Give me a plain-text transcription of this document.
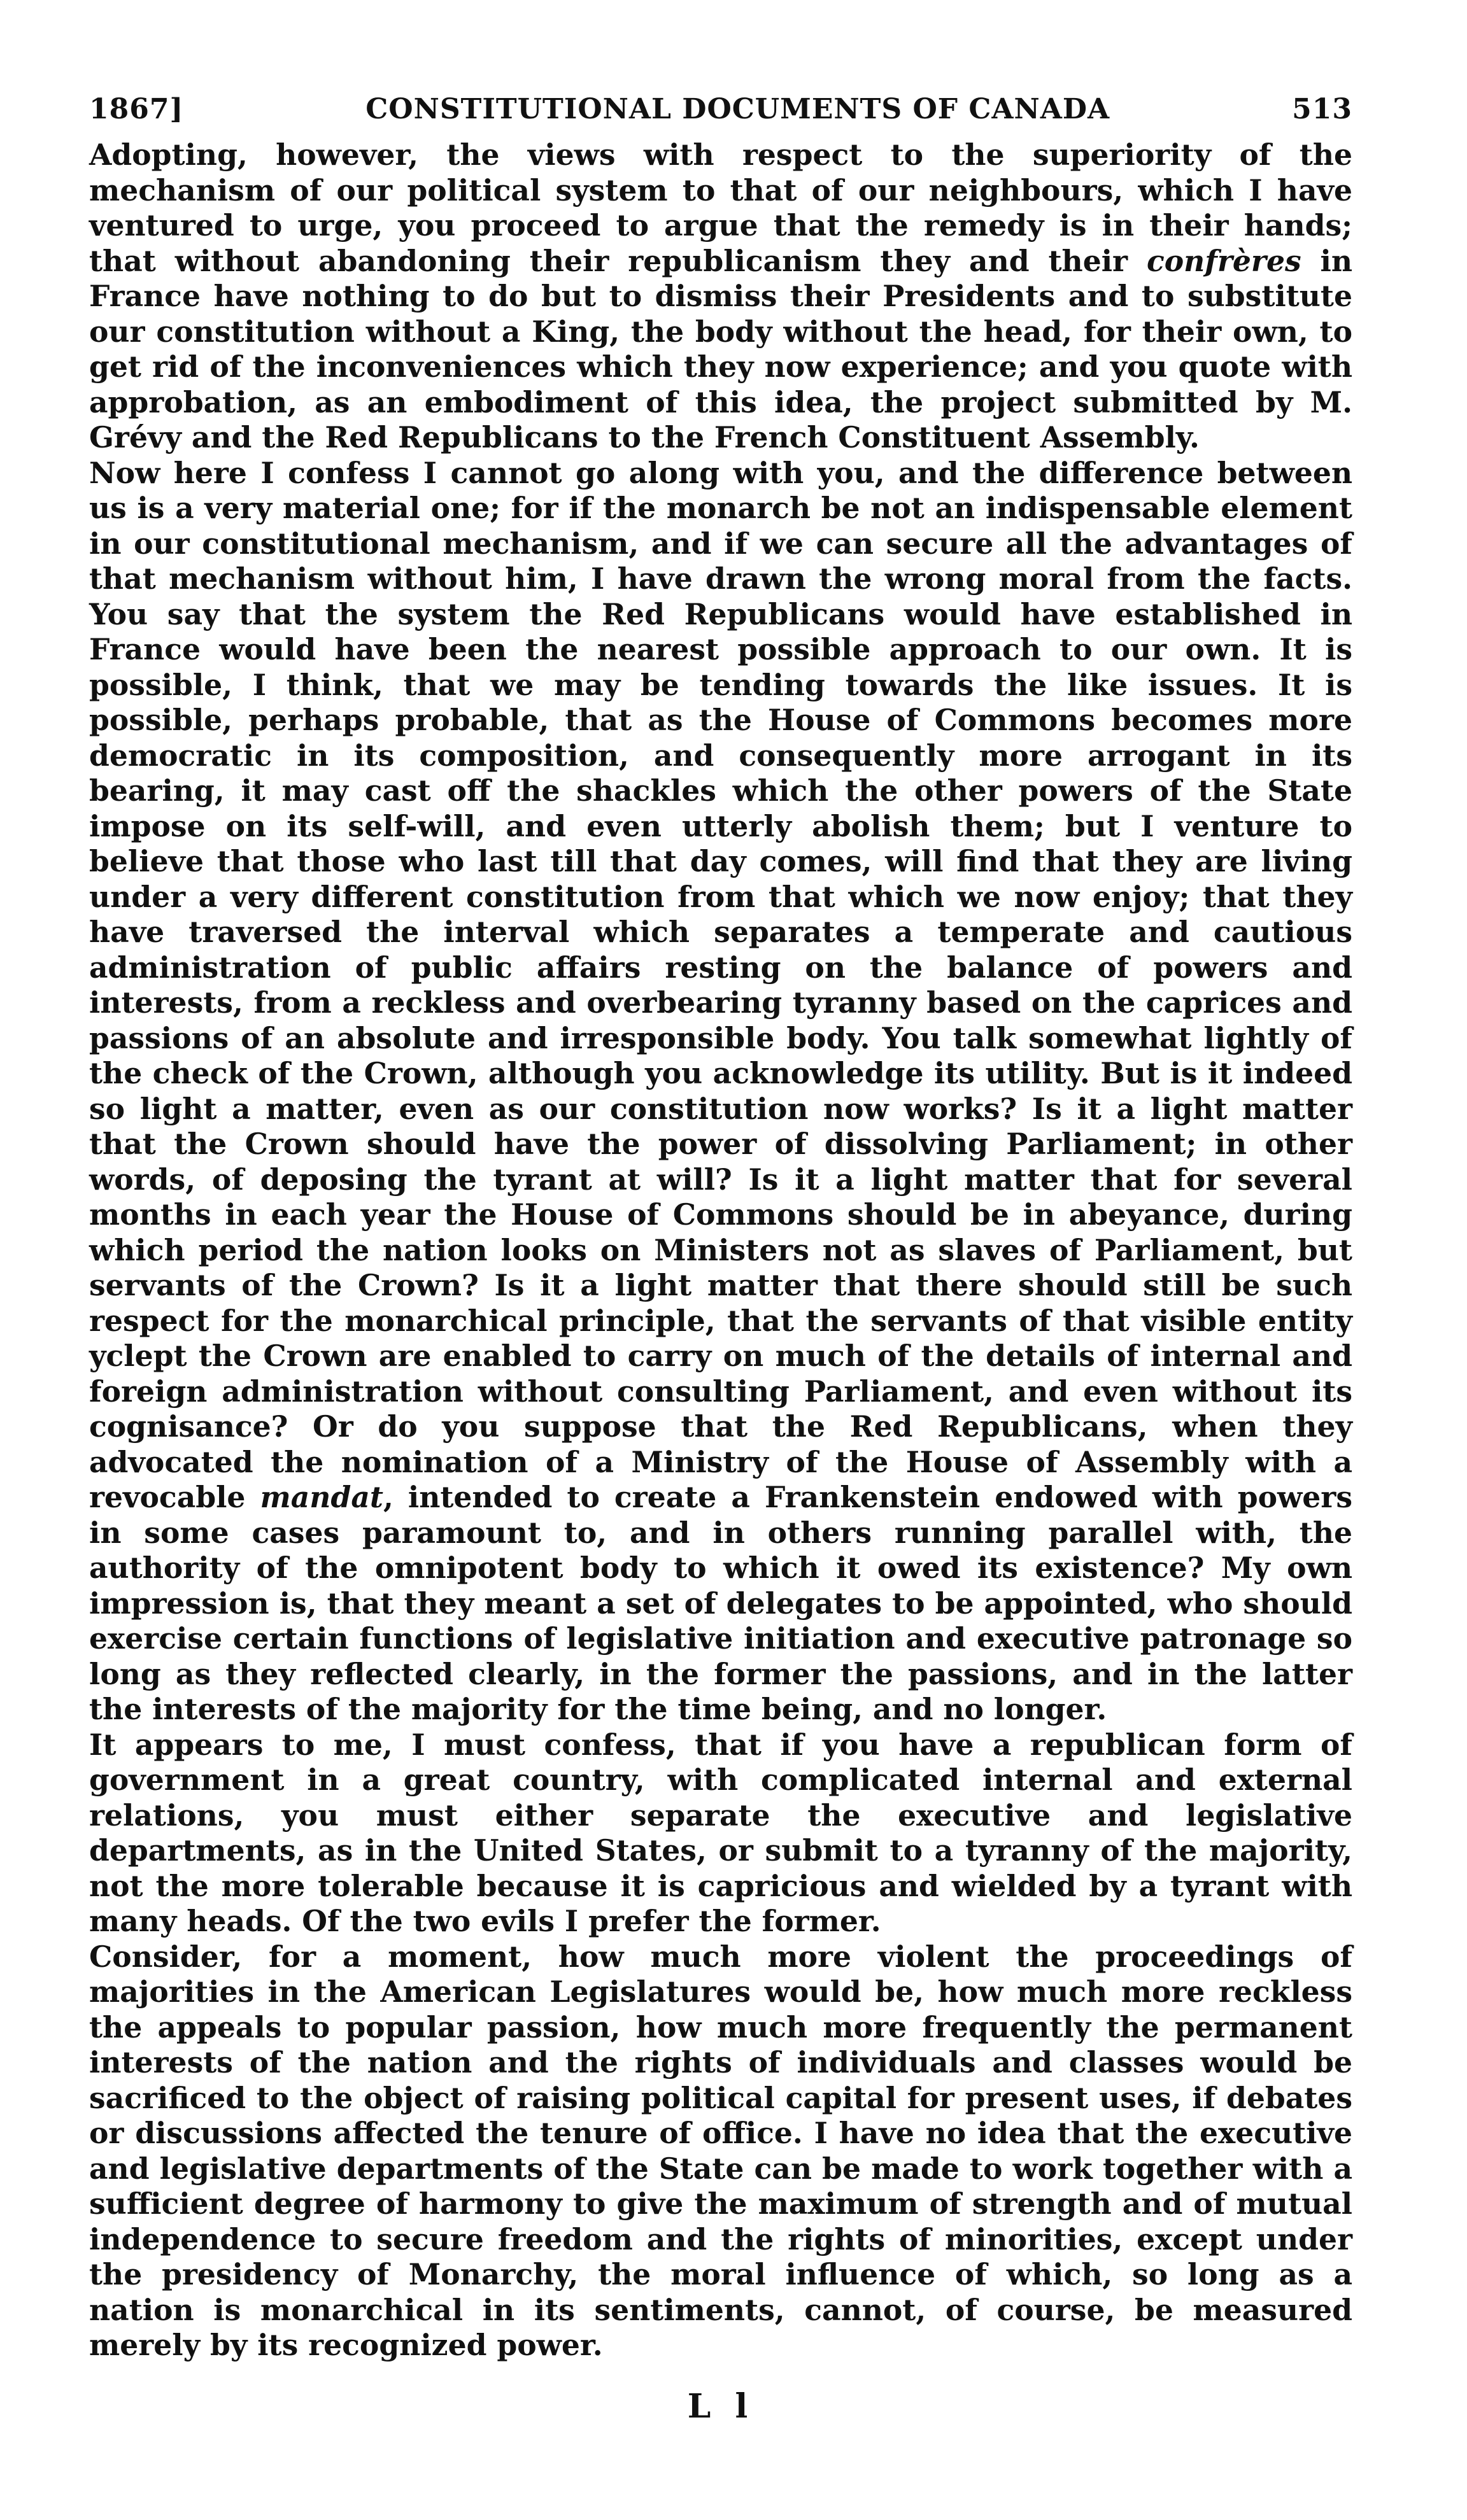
1867]	CONSTITUTIONAL DOCUMENTS OF CANADA	513

Adopting, however, the views with respect to the superiority of the mechanism of our political system to that of our neighbours, which I have ventured to urge, you proceed to argue that the remedy is in their hands; that without abandoning their republicanism they and their confrères in France have nothing to do but to dismiss their Presidents and to substitute our constitution without a King, the body without the head, for their own, to get rid of the inconveniences which they now experience; and you quote with approbation, as an embodiment of this idea, the project submitted by M. Grévy and the Red Republicans to the French Constituent Assembly.

Now here I confess I cannot go along with you, and the difference between us is a very material one; for if the monarch be not an indispensable element in our constitutional mechanism, and if we can secure all the advantages of that mechanism without him, I have drawn the wrong moral from the facts. You say that the system the Red Republicans would have established in France would have been the nearest possible approach to our own. It is possible, I think, that we may be tending towards the like issues. It is possible, perhaps probable, that as the House of Commons becomes more democratic in its composition, and consequently more arrogant in its bearing, it may cast off the shackles which the other powers of the State impose on its self-will, and even utterly abolish them; but I venture to believe that those who last till that day comes, will find that they are living under a very different constitution from that which we now enjoy; that they have traversed the interval which separates a temperate and cautious administration of public affairs resting on the balance of powers and interests, from a reckless and overbearing tyranny based on the caprices and passions of an absolute and irresponsible body. You talk somewhat lightly of the check of the Crown, although you acknowledge its utility. But is it indeed so light a matter, even as our constitution now works? Is it a light matter that the Crown should have the power of dissolving Parliament; in other words, of deposing the tyrant at will? Is it a light matter that for several months in each year the House of Commons should be in abeyance, during which period the nation looks on Ministers not as slaves of Parliament, but servants of the Crown? Is it a light matter that there should still be such respect for the monarchical principle, that the servants of that visible entity yclept the Crown are enabled to carry on much of the details of internal and foreign administration without consulting Parliament, and even without its cognisance? Or do you suppose that the Red Republicans, when they advocated the nomination of a Ministry of the House of Assembly with a revocable mandat, intended to create a Frankenstein endowed with powers in some cases paramount to, and in others running parallel with, the authority of the omnipotent body to which it owed its existence? My own impression is, that they meant a set of delegates to be appointed, who should exercise certain functions of legislative initiation and executive patronage so long as they reflected clearly, in the former the passions, and in the latter the interests of the majority for the time being, and no longer.

It appears to me, I must confess, that if you have a republican form of government in a great country, with complicated internal and external relations, you must either separate the executive and legislative departments, as in the United States, or submit to a tyranny of the majority, not the more tolerable because it is capricious and wielded by a tyrant with many heads. Of the two evils I prefer the former.

Consider, for a moment, how much more violent the proceedings of majorities in the American Legislatures would be, how much more reckless the appeals to popular passion, how much more frequently the permanent interests of the nation and the rights of individuals and classes would be sacrificed to the object of raising political capital for present uses, if debates or discussions affected the tenure of office. I have no idea that the executive and legislative departments of the State can be made to work together with a sufficient degree of harmony to give the maximum of strength and of mutual independence to secure freedom and the rights of minorities, except under the presidency of Monarchy, the moral influence of which, so long as a nation is monarchical in its sentiments, cannot, of course, be measured merely by its recognized power.

L l
